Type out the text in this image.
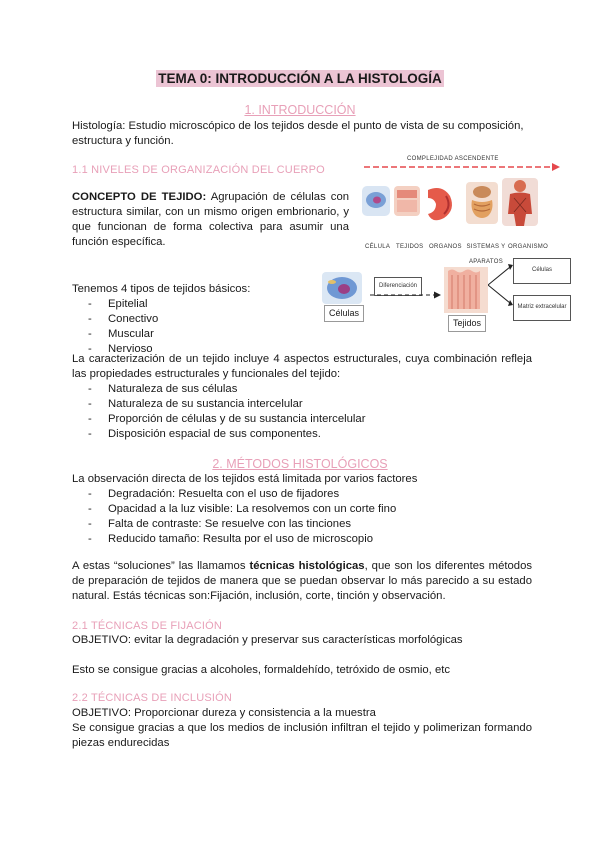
TEMA 0: INTRODUCCIÓN A LA HISTOLOGÍA
1. INTRODUCCIÓN
Histología: Estudio microscópico de los tejidos desde el punto de vista de su composición, estructura y función.
1.1 NIVELES DE ORGANIZACIÓN DEL CUERPO
CONCEPTO DE TEJIDO: Agrupación de células con estructura similar, con un mismo origen embrionario, y que funcionan de forma colectiva para asumir una función específica.
COMPLEJIDAD ASCENDENTE
CÉLULA TEJIDOS ORGANOS SISTEMAS Y APARATOS
ORGANISMO
Células
Diferenciación
Tejidos
Células
Matriz extracelular
Tenemos 4 tipos de tejidos básicos:
- Epitelial
- Conectivo
- Muscular
- Nervioso
La caracterización de un tejido incluye 4 aspectos estructurales, cuya combinación refleja las propiedades estructurales y funcionales del tejido:
- Naturaleza de sus células
- Naturaleza de su sustancia intercelular
- Proporción de células y de su sustancia intercelular
- Disposición espacial de sus componentes.
2. MÉTODOS HISTOLÓGICOS
La observación directa de los tejidos está limitada por varios factores
- Degradación: Resuelta con el uso de fijadores
- Opacidad a la luz visible: La resolvemos con un corte fino
- Falta de contraste: Se resuelve con las tinciones
- Reducido tamaño: Resulta por el uso de microscopio
A estas “soluciones” las llamamos técnicas histológicas, que son los diferentes métodos de preparación de tejidos de manera que se puedan observar lo más parecido a su estado natural. Estás técnicas son:Fijación, inclusión, corte, tinción y observación.
2.1 TÉCNICAS DE FIJACIÓN
OBJETIVO: evitar la degradación y preservar sus características morfológicas
Esto se consigue gracias a alcoholes, formaldehído, tetróxido de osmio, etc
2.2 TÉCNICAS DE INCLUSIÓN
OBJETIVO: Proporcionar dureza y consistencia a la muestra
Se consigue gracias a que los medios de inclusión infiltran el tejido y polimerizan formando piezas endurecidas
